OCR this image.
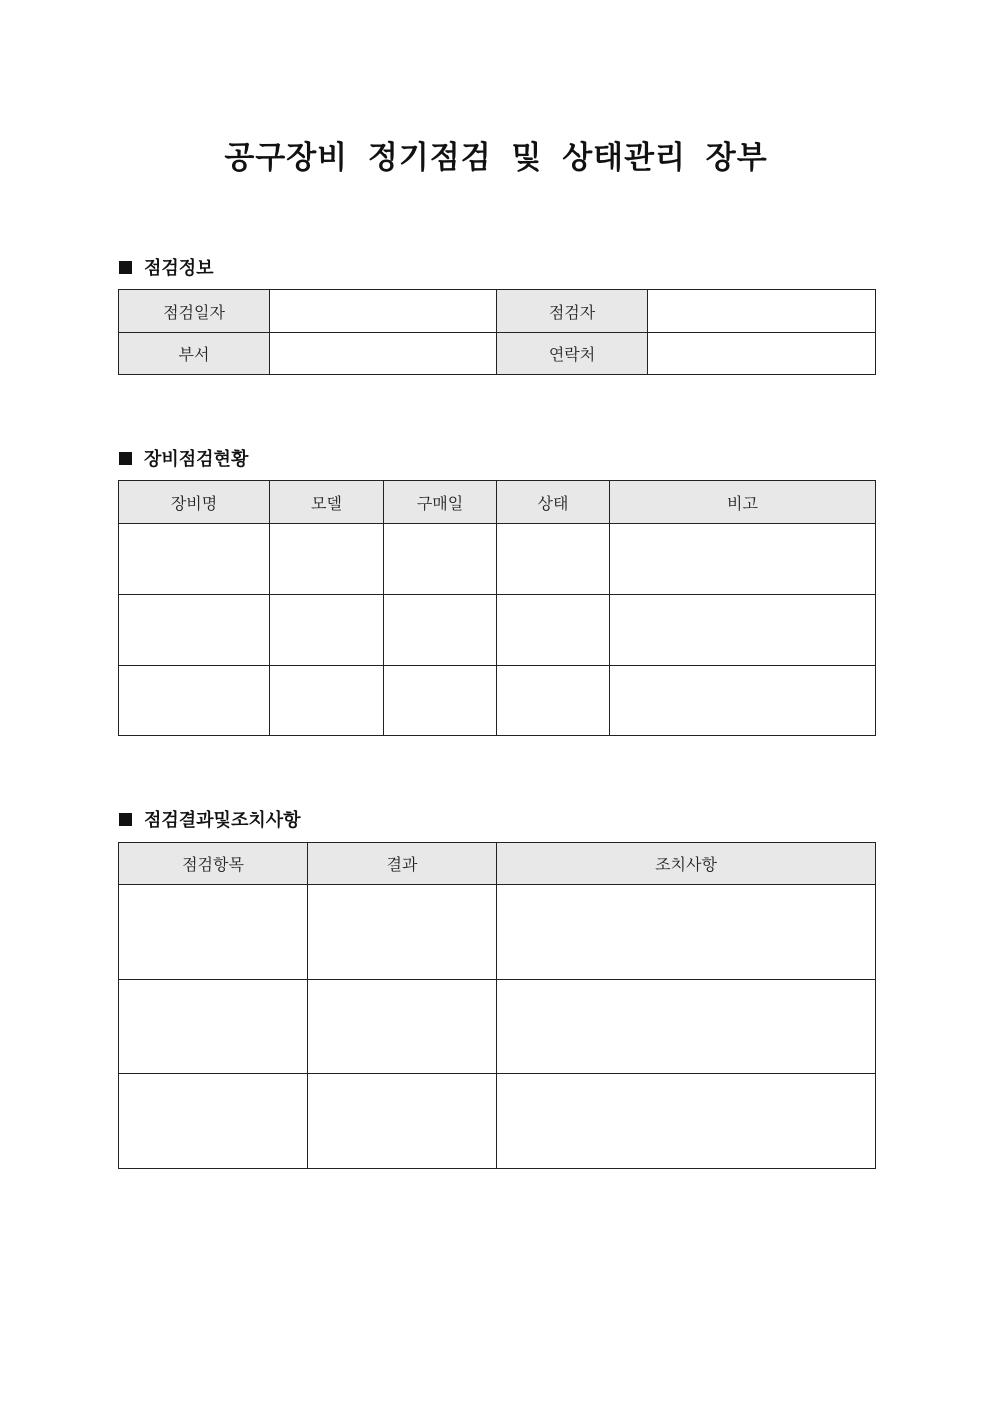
공구장비 정기점검 및 상태관리 장부
점검정보
점검일자		점검자	
부서		연락처	
장비점검현황
장비명	모델	구매일	상태	비고

점검결과및조치사항
점검항목	결과	조치사항
